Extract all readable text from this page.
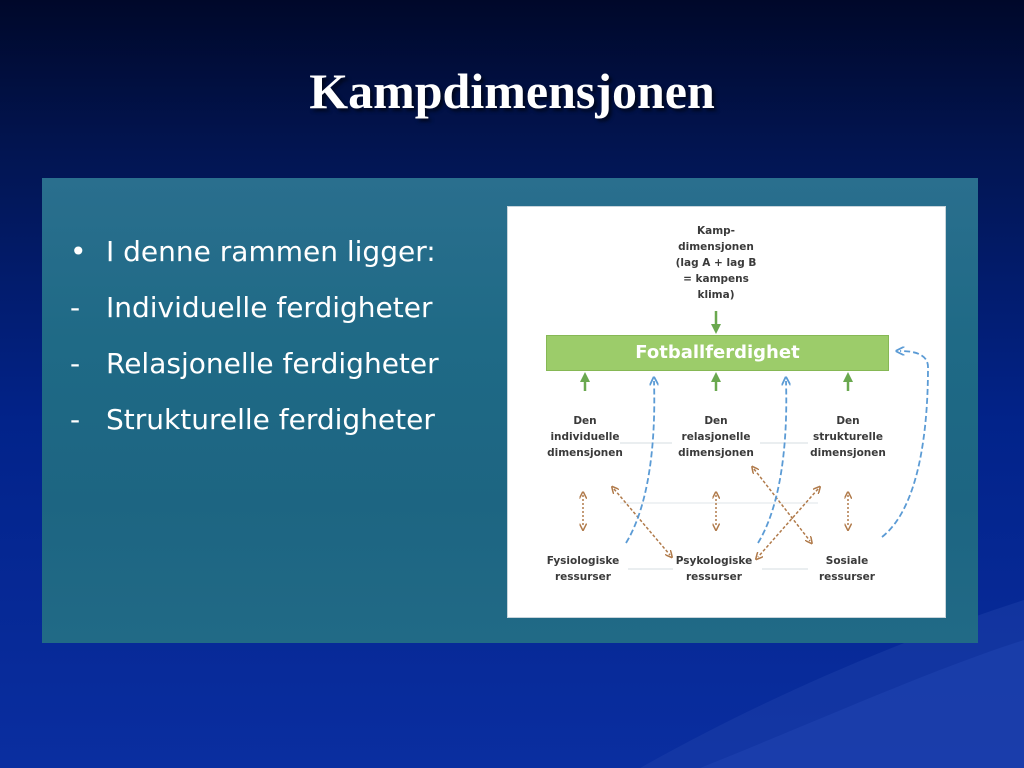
Kampdimensjonen
• I denne rammen ligger:
- Individuelle ferdigheter
- Relasjonelle ferdigheter
- Strukturelle ferdigheter
Kamp-
dimensjonen
(lag A + lag B
= kampens
klima)
Fotballferdighet
Den
individuelle
dimensjonen
Den
relasjonelle
dimensjonen
Den
strukturelle
dimensjonen
Fysiologiske
ressurser
Psykologiske
ressurser
Sosiale
ressurser
